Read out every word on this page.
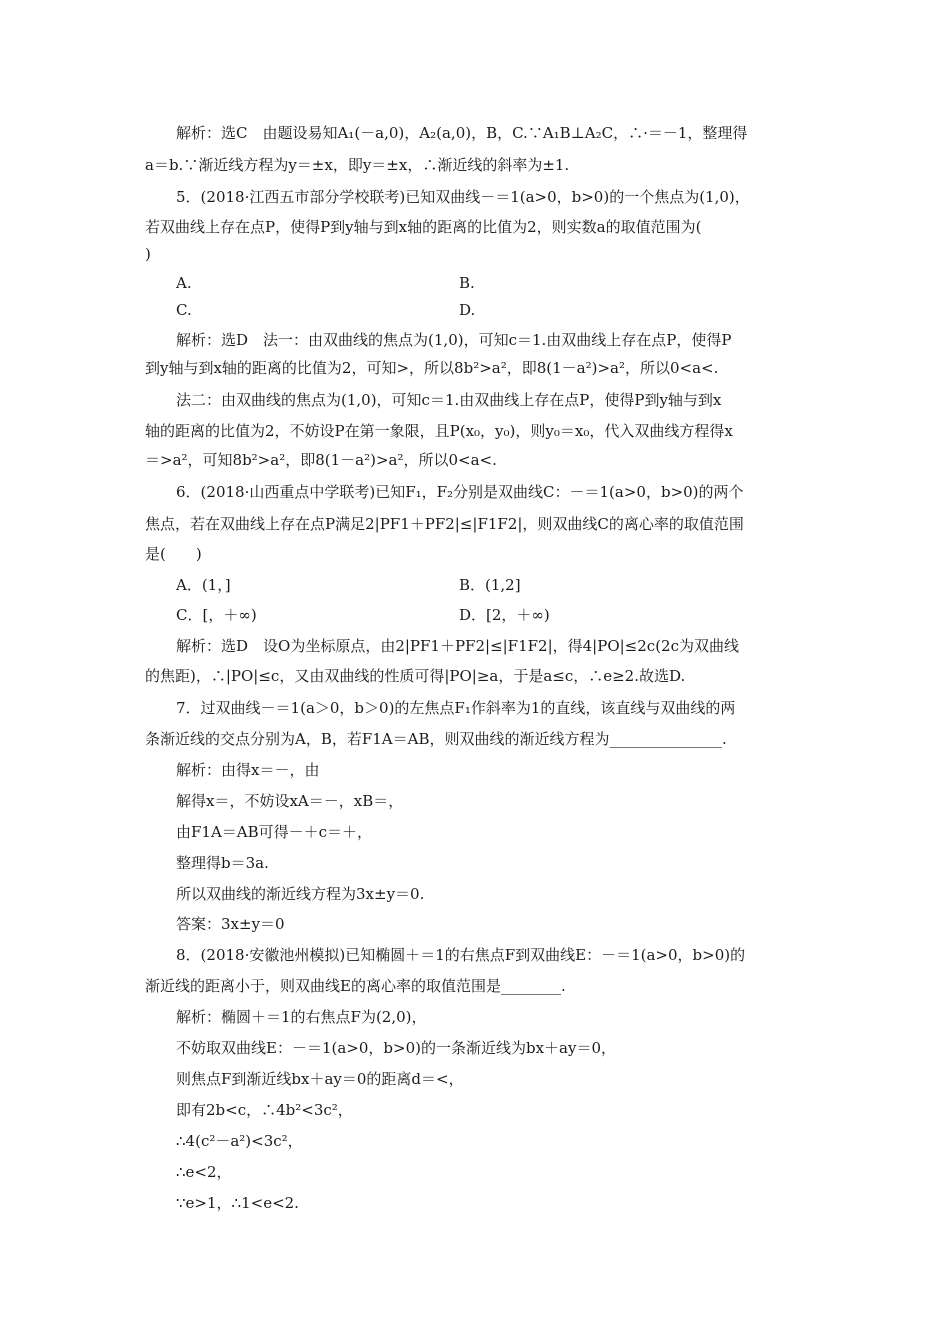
解析：选C　由题设易知A₁(－a,0)，A₂(a,0)，B，C.∵A₁B⊥A₂C，∴·＝－1，整理得
a＝b.∵渐近线方程为y＝±x，即y＝±x，∴渐近线的斜率为±1.
5．(2018·江西五市部分学校联考)已知双曲线－＝1(a>0，b>0)的一个焦点为(1,0)，
若双曲线上存在点P，使得P到y轴与到x轴的距离的比值为2，则实数a的取值范围为(
)
A.	B.
C.	D.
解析：选D　法一：由双曲线的焦点为(1,0)，可知c＝1.由双曲线上存在点P，使得P
到y轴与到x轴的距离的比值为2，可知>，所以8b²>a²，即8(1－a²)>a²，所以0<a<.
法二：由双曲线的焦点为(1,0)，可知c＝1.由双曲线上存在点P，使得P到y轴与到x
轴的距离的比值为2，不妨设P在第一象限，且P(x₀，y₀)，则y₀＝x₀，代入双曲线方程得x
＝>a²，可知8b²>a²，即8(1－a²)>a²，所以0<a<.
6．(2018·山西重点中学联考)已知F₁，F₂分别是双曲线C：－＝1(a>0，b>0)的两个
焦点，若在双曲线上存在点P满足2|PF1＋PF2|≤|F1F2|，则双曲线C的离心率的取值范围
是(　　)
A．(1，]	B．(1,2]
C．[，＋∞)	D．[2，＋∞)
解析：选D　设O为坐标原点，由2|PF1＋PF2|≤|F1F2|，得4|PO|≤2c(2c为双曲线
的焦距)，∴|PO|≤c，又由双曲线的性质可得|PO|≥a，于是a≤c，∴e≥2.故选D.
7．过双曲线－＝1(a＞0，b＞0)的左焦点F₁作斜率为1的直线，该直线与双曲线的两
条渐近线的交点分别为A，B，若F1A＝AB，则双曲线的渐近线方程为_______________.
解析：由得x＝－，由
解得x＝，不妨设xA＝－，xB＝，
由F1A＝AB可得－＋c＝＋，
整理得b＝3a.
所以双曲线的渐近线方程为3x±y＝0.
答案：3x±y＝0
8．(2018·安徽池州模拟)已知椭圆＋＝1的右焦点F到双曲线E：－＝1(a>0，b>0)的
渐近线的距离小于，则双曲线E的离心率的取值范围是________.
解析：椭圆＋＝1的右焦点F为(2,0)，
不妨取双曲线E：－＝1(a>0，b>0)的一条渐近线为bx＋ay＝0，
则焦点F到渐近线bx＋ay＝0的距离d＝<，
即有2b<c，∴4b²<3c²，
∴4(c²－a²)<3c²，
∴e<2，
∵e>1，∴1<e<2.
